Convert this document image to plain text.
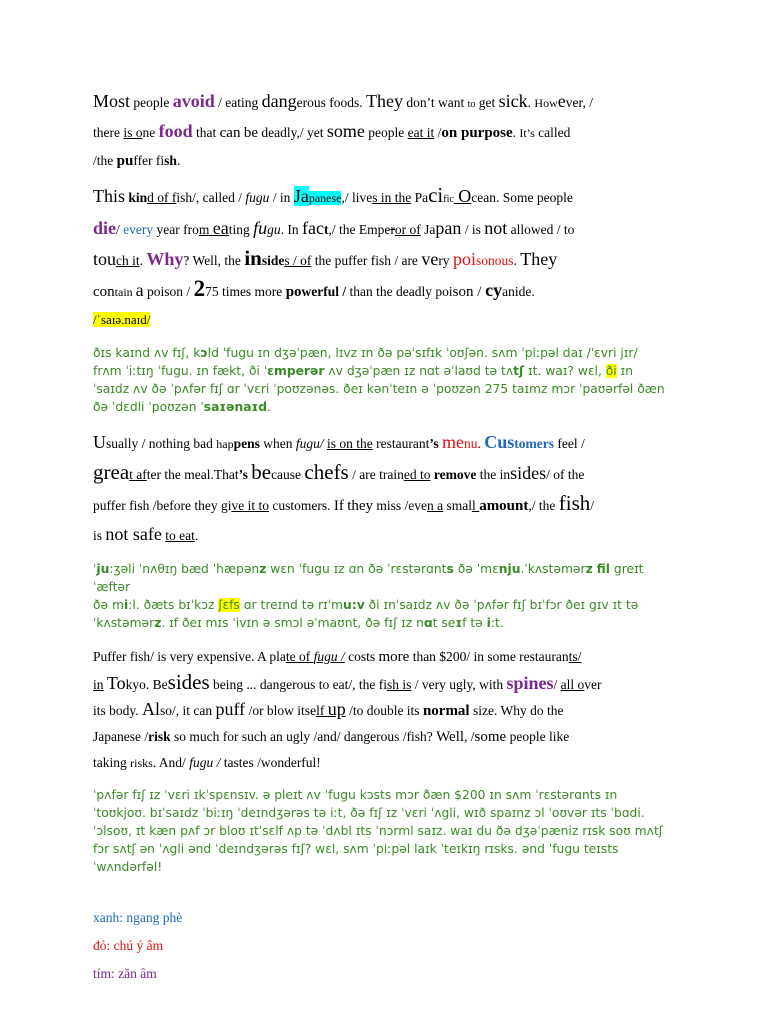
Most people avoid / eating dangerous foods. They don’t want to get sick. However, /
there is one food that can be deadly,/ yet some people eat it /on purpose. It’s called
/the puffer fish.

This kind of fish/, called / fugu / in Japanese,/ lives in the Pacific Ocean. Some people
die/ every year from eating fugu. In fact,/ the Emperor of Japan / is not allowed / to
touch it. Why? Well, the insides / of the puffer fish / are very poisonous. They
contain a poison / 275 times more powerful / than the deadly poison / cyanide.
/ˈsaɪə.naɪd/

ðɪs kaɪnd ʌv fɪʃ, kɔld ˈfugu ɪn dʒəˈpæn, lɪvz ɪn ðə pəˈsɪfɪk ˈoʊʃən. sʌm ˈpiːpəl daɪ /ˈɛvri jɪr/
frʌm ˈiːtɪŋ ˈfugu. ɪn fækt, ði ˈɛmperər ʌv dʒəˈpæn ɪz nɑt əˈlaʊd tə tʌtʃ ɪt. waɪ? wɛl, ði ɪn
ˈsaɪdz ʌv ðə ˈpʌfər fɪʃ ɑr ˈvɛri ˈpoʊzənəs. ðeɪ kənˈteɪn ə ˈpoʊzən 275 taɪmz mɔr ˈpaʊərfəl ðæn
ðə ˈdɛdli ˈpoʊzən ˈsaɪənaɪd.

Usually / nothing bad happens when fugu/ is on the restaurant’s menu. Customers feel /
great after the meal.That’s because chefs / are trained to remove the insides/ of the
puffer fish /before they give it to customers. If they miss /even a small amount,/ the fish/
is not safe to eat.

ˈju:ʒəli ˈnʌθɪŋ bæd ˈhæpənz wɛn ˈfugu ɪz ɑn ðə ˈrɛstərɑnts ðə ˈmɛnju.ˈkʌstəmərz fil greɪt ˈæftər
ðə mi:l. ðæts bɪˈkɔz ʃɛfs ɑr treɪnd tə rɪˈmu:v ði ɪnˈsaɪdz ʌv ðə ˈpʌfər fɪʃ bɪˈfɔr ðeɪ gɪv ɪt tə
ˈkʌstəmərz. ɪf ðeɪ mɪs ˈivɪn ə smɔl əˈmaʊnt, ðə fɪʃ ɪz nɑt seɪf tə i:t.

Puffer fish/ is very expensive. A plate of fugu / costs more than $200/ in some restaurants/
in Tokyo. Besides being ... dangerous to eat/, the fish is / very ugly, with spines/ all over
its body. Also/, it can puff /or blow itself up /to double its normal size. Why do the
Japanese /risk so much for such an ugly /and/ dangerous /fish? Well, /some people like
taking risks. And/ fugu / tastes /wonderful!

ˈpʌfər fɪʃ ɪz ˈvɛri ɪkˈspɛnsɪv. ə pleɪt ʌv ˈfugu kɔsts mɔr ðæn $200 ɪn sʌm ˈrɛstərɑnts ɪn
ˈtoʊkjoʊ. bɪˈsaɪdz ˈbiːɪŋ ˈdeɪndʒərəs tə iːt, ðə fɪʃ ɪz ˈvɛri ˈʌgli, wɪð spaɪnz ɔl ˈoʊvər ɪts ˈbɑdi.
ˈɔlsoʊ, ɪt kæn pʌf ɔr bloʊ ɪtˈsɛlf ʌp tə ˈdʌbl ɪts ˈnɔrml saɪz. waɪ du ðə dʒəˈpæniz rɪsk soʊ mʌtʃ
fɔr sʌtʃ ən ˈʌgli ənd ˈdeɪndʒərəs fɪʃ? wɛl, sʌm ˈpiːpəl laɪk ˈteɪkɪŋ rɪsks. ənd ˈfugu teɪsts
ˈwʌndərfəl!

xanh: ngang phè

đỏ: chú ý âm

tím: zăn âm
